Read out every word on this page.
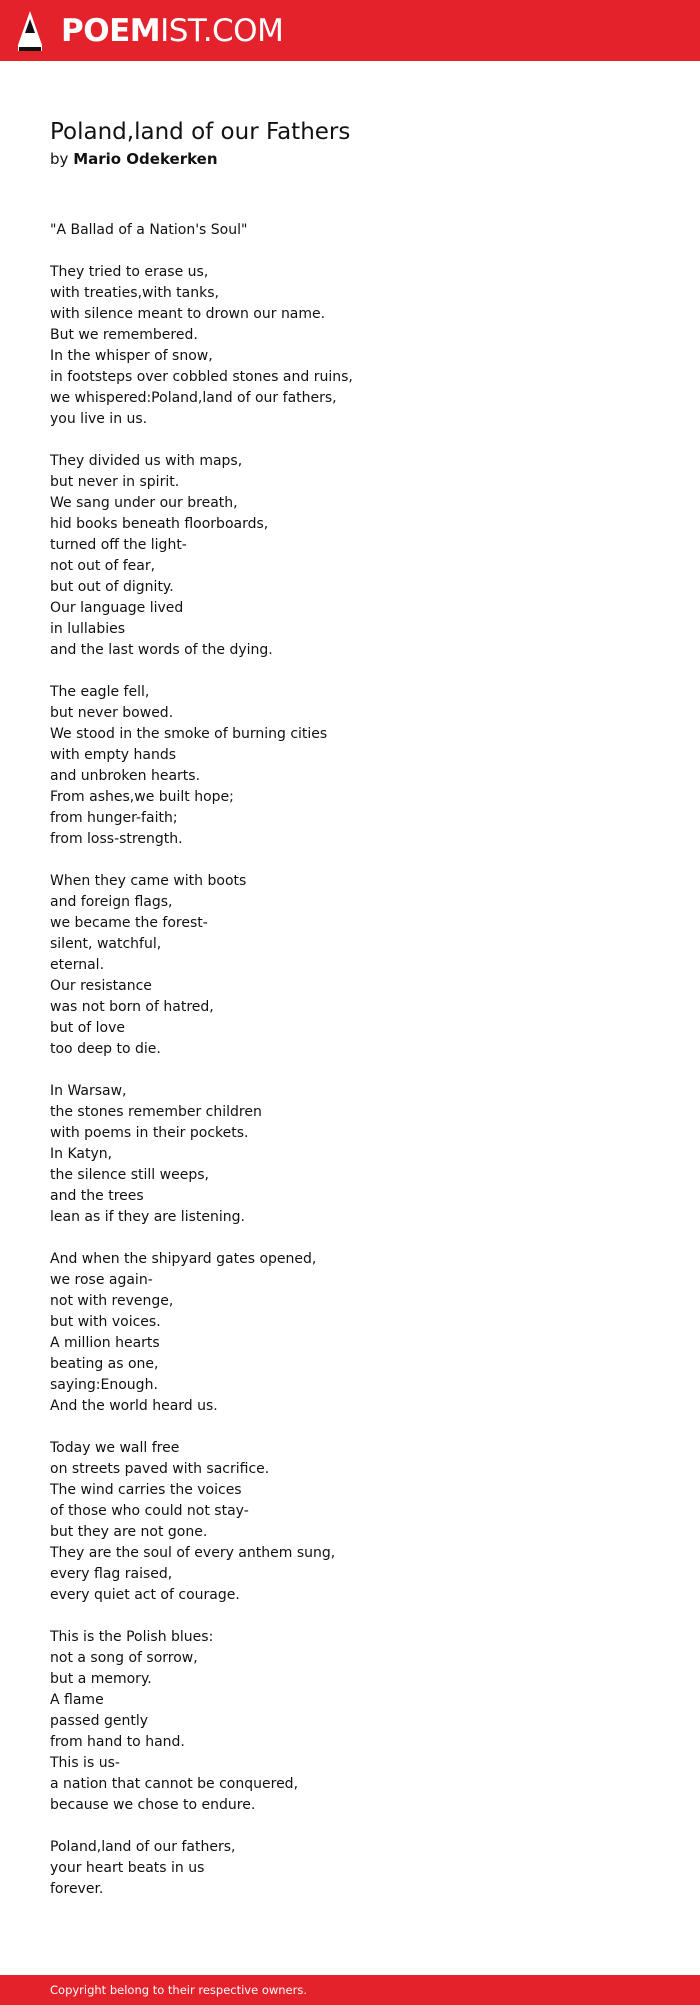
POEMIST.COM
Poland,land of our Fathers
by Mario Odekerken

"A Ballad of a Nation's Soul"

They tried to erase us,
with treaties,with tanks,
with silence meant to drown our name.
But we remembered.
In the whisper of snow,
in footsteps over cobbled stones and ruins,
we whispered:Poland,land of our fathers,
you live in us.

They divided us with maps,
but never in spirit.
We sang under our breath,
hid books beneath floorboards,
turned off the light-
not out of fear,
but out of dignity.
Our language lived
in lullabies
and the last words of the dying.

The eagle fell,
but never bowed.
We stood in the smoke of burning cities
with empty hands
and unbroken hearts.
From ashes,we built hope;
from hunger-faith;
from loss-strength.

When they came with boots
and foreign flags,
we became the forest-
silent, watchful,
eternal.
Our resistance
was not born of hatred,
but of love
too deep to die.

In Warsaw,
the stones remember children
with poems in their pockets.
In Katyn,
the silence still weeps,
and the trees
lean as if they are listening.

And when the shipyard gates opened,
we rose again-
not with revenge,
but with voices.
A million hearts
beating as one,
saying:Enough.
And the world heard us.

Today we wall free
on streets paved with sacrifice.
The wind carries the voices
of those who could not stay-
but they are not gone.
They are the soul of every anthem sung,
every flag raised,
every quiet act of courage.

This is the Polish blues:
not a song of sorrow,
but a memory.
A flame
passed gently
from hand to hand.
This is us-
a nation that cannot be conquered,
because we chose to endure.

Poland,land of our fathers,
your heart beats in us
forever.

Copyright belong to their respective owners.
